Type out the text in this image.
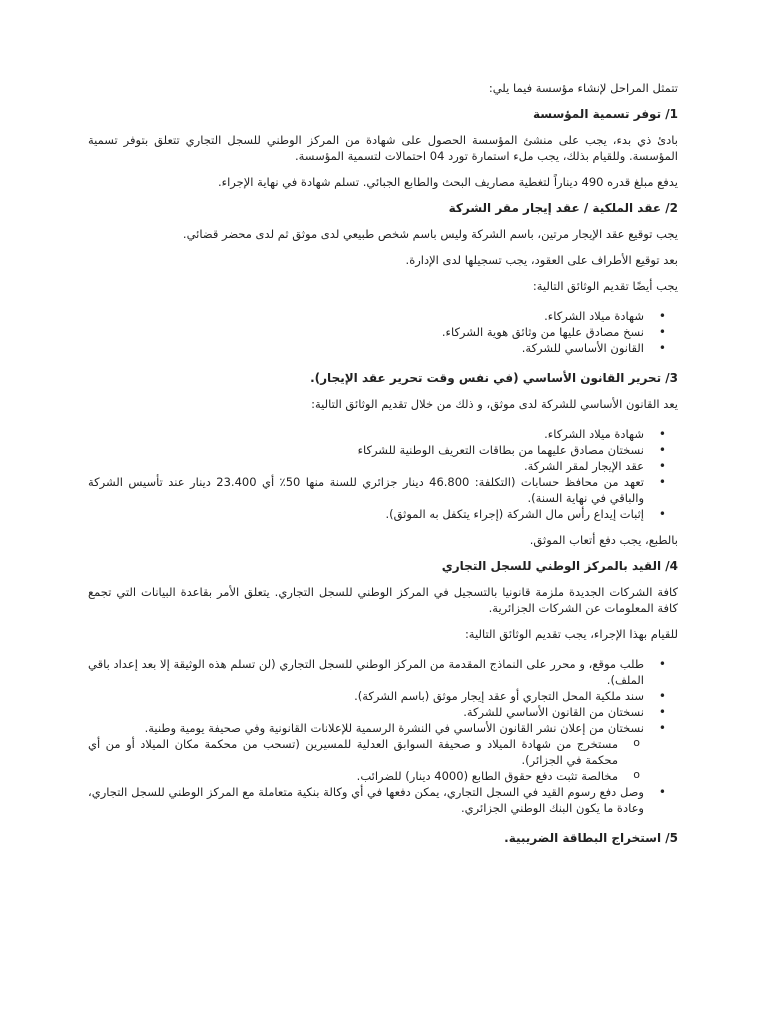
تتمثل المراحل لإنشاء مؤسسة فيما يلي:

1/ توفر تسمية المؤسسة

بادئ ذي بدء، يجب على منشئ المؤسسة الحصول على شهادة من المركز الوطني للسجل التجاري تتعلق بتوفر تسمية المؤسسة. وللقيام بذلك، يجب ملء استمارة تورد 04 احتمالات لتسمية المؤسسة.

يدفع مبلغ قدره 490 ديناراً لتغطية مصاريف البحث والطابع الجبائي. تسلم شهادة في نهاية الإجراء.

2/ عقد الملكية / عقد إيجار مقر الشركة

يجب توقيع عقد الإيجار مرتين، باسم الشركة وليس باسم شخص طبيعي لدى موثق ثم لدى محضر قضائي.

بعد توقيع الأطراف على العقود، يجب تسجيلها لدى الإدارة.

يجب أيضًا تقديم الوثائق التالية:

• شهادة ميلاد الشركاء.
• نسخ مصادق عليها من وثائق هوية الشركاء.
• القانون الأساسي للشركة.
3/ تحرير القانون الأساسي (في نفس وقت تحرير عقد الإيجار).

يعد القانون الأساسي للشركة لدى موثق، و ذلك من خلال تقديم الوثائق التالية:

• شهادة ميلاد الشركاء.
• نسختان مصادق عليهما من بطاقات التعريف الوطنية للشركاء
• عقد الإيجار لمقر الشركة.
• تعهد من محافظ حسابات (التكلفة: 46.800 دينار جزائري للسنة منها 50٪ أي 23.400 دينار عند تأسيس الشركة والباقي في نهاية السنة).
• إثبات إيداع رأس مال الشركة (إجراء يتكفل به الموثق).

بالطبع، يجب دفع أتعاب الموثق.

4/ القيد بالمركز الوطني للسجل التجاري

كافة الشركات الجديدة ملزمة قانونيا بالتسجيل في المركز الوطني للسجل التجاري. يتعلق الأمر بقاعدة البيانات التي تجمع كافة المعلومات عن الشركات الجزائرية.

للقيام بهذا الإجراء، يجب تقديم الوثائق التالية:

• طلب موقع، و محرر على النماذج المقدمة من المركز الوطني للسجل التجاري (لن تسلم هذه الوثيقة إلا بعد إعداد باقي الملف).
• سند ملكية المحل التجاري أو عقد إيجار موثق (باسم الشركة).
• نسختان من القانون الأساسي للشركة.
• نسختان من إعلان نشر القانون الأساسي في النشرة الرسمية للإعلانات القانونية وفي صحيفة يومية وطنية.
o مستخرج من شهادة الميلاد و صحيفة السوابق العدلية للمسيرين (تسحب من محكمة مكان الميلاد أو من أي محكمة في الجزائر).
o مخالصة تثبت دفع حقوق الطابع (4000 دينار) للضرائب.
• وصل دفع رسوم القيد في السجل التجاري، يمكن دفعها في أي وكالة بنكية متعاملة مع المركز الوطني للسجل التجاري، وعادة ما يكون البنك الوطني الجزائري.
5/ استخراج البطاقة الضريبية.
